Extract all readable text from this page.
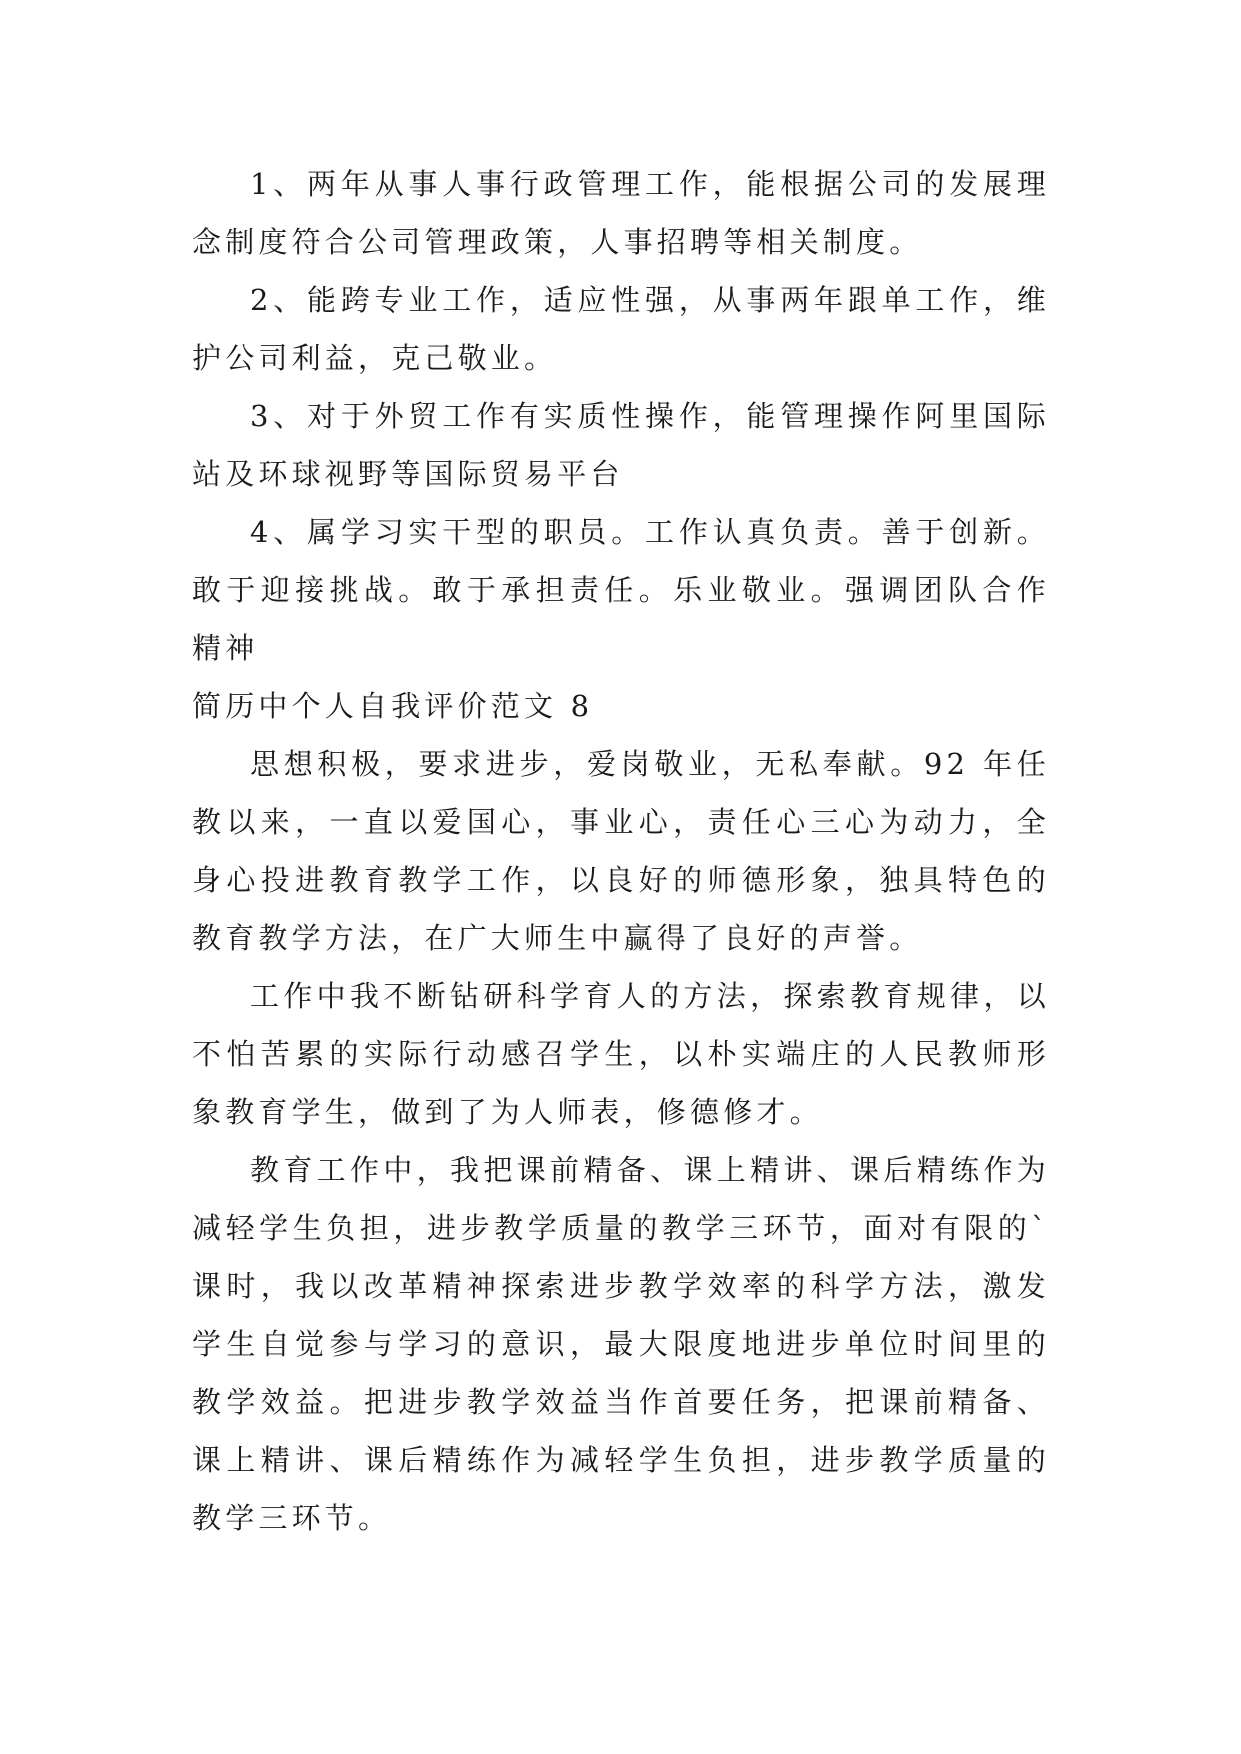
1、两年从事人事行政管理工作，能根据公司的发展理念制度符合公司管理政策，人事招聘等相关制度。

2、能跨专业工作，适应性强，从事两年跟单工作，维护公司利益，克己敬业。

3、对于外贸工作有实质性操作，能管理操作阿里国际站及环球视野等国际贸易平台

4、属学习实干型的职员。工作认真负责。善于创新。敢于迎接挑战。敢于承担责任。乐业敬业。强调团队合作精神

简历中个人自我评价范文 8

思想积极，要求进步，爱岗敬业，无私奉献。92 年任教以来，一直以爱国心，事业心，责任心三心为动力，全身心投进教育教学工作，以良好的师德形象，独具特色的教育教学方法，在广大师生中赢得了良好的声誉。

工作中我不断钻研科学育人的方法，探索教育规律，以不怕苦累的实际行动感召学生，以朴实端庄的人民教师形象教育学生，做到了为人师表，修德修才。

教育工作中，我把课前精备、课上精讲、课后精练作为减轻学生负担，进步教学质量的教学三环节，面对有限的`课时，我以改革精神探索进步教学效率的科学方法，激发学生自觉参与学习的意识，最大限度地进步单位时间里的教学效益。把进步教学效益当作首要任务，把课前精备、课上精讲、课后精练作为减轻学生负担，进步教学质量的教学三环节。
